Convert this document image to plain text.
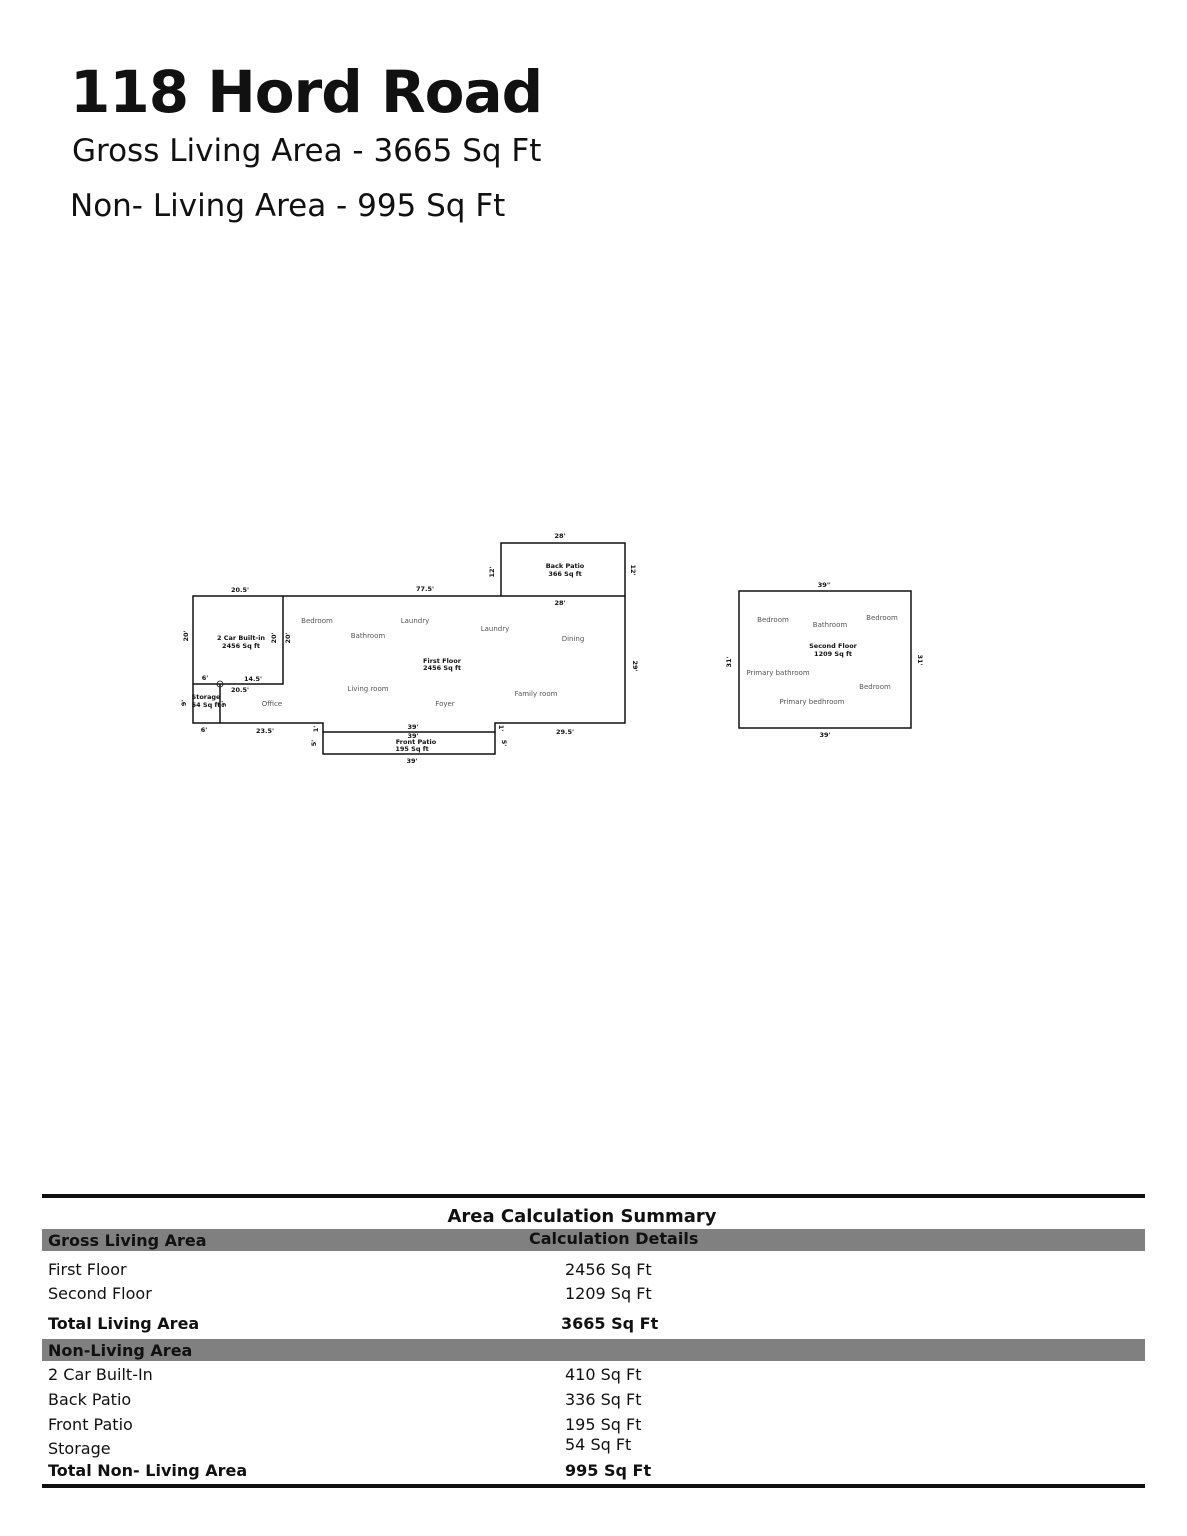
118 Hord Road

Gross Living Area - 3665 Sq Ft

Non- Living Area - 995 Sq Ft

Back Patio
366 Sq ft
2 Car Built-in
2456 Sq ft
First Floor
2456 Sq ft
Storage
54 Sq ft
Front Patio
195 Sq ft
Second Floor
1209 Sq ft
Bedroom
Bathroom
Laundry
Laundry
Dining
Living room
Family room
Office	Foyer
Bedroom
Bathroom
Bedroom
Primary bathroom
Bedroom
Primary bedhroom
28'
12'	12'
28'
20.5'	77.5'
20'	20' 20'
29'
6'	14.5'
20.5'
9'	9'
6'	23.5'	1'	1'
39'
39'	29.5'
5'	5'
39'
39"
31'	31'
39'
Area Calculation Summary
Gross Living Area	Calculation Details
First Floor	2456 Sq Ft
Second Floor	1209 Sq Ft
Total Living Area	3665 Sq Ft
Non-Living Area
2 Car Built-In	410 Sq Ft
Back Patio	336 Sq Ft
Front Patio	195 Sq Ft
Storage	54 Sq Ft
Total Non- Living Area	995 Sq Ft
